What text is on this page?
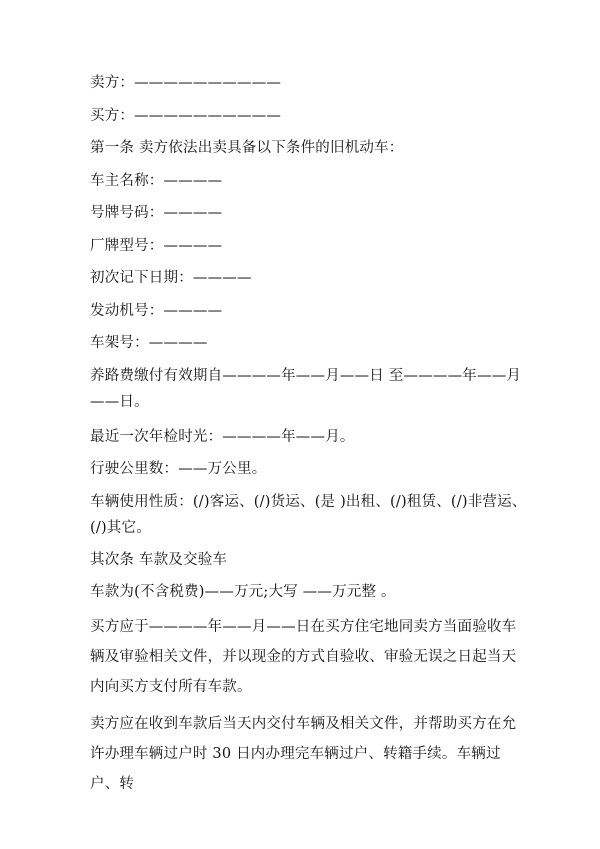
卖方：——————————
买方：——————————
第一条 卖方依法出卖具备以下条件的旧机动车：
车主名称：————
号牌号码：————
厂牌型号：————
初次记下日期：————
发动机号：————
车架号：————
养路费缴付有效期自————年——月——日 至————年——月
——日。
最近一次年检时光：————年——月。
行驶公里数：——万公里。
车辆使用性质：(/)客运、(/)货运、(是 )出租、(/)租赁、(/)非营运、
(/)其它。
其次条 车款及交验车
车款为(不含税费)——万元;大写 ——万元整 。
买方应于————年——月——日在买方住宅地同卖方当面验收车辆及审验相关文件，并以现金的方式自验收、审验无误之日起当天内向买方支付所有车款。
卖方应在收到车款后当天内交付车辆及相关文件，并帮助买方在允许办理车辆过户时 30 日内办理完车辆过户、转籍手续。车辆过户、转
